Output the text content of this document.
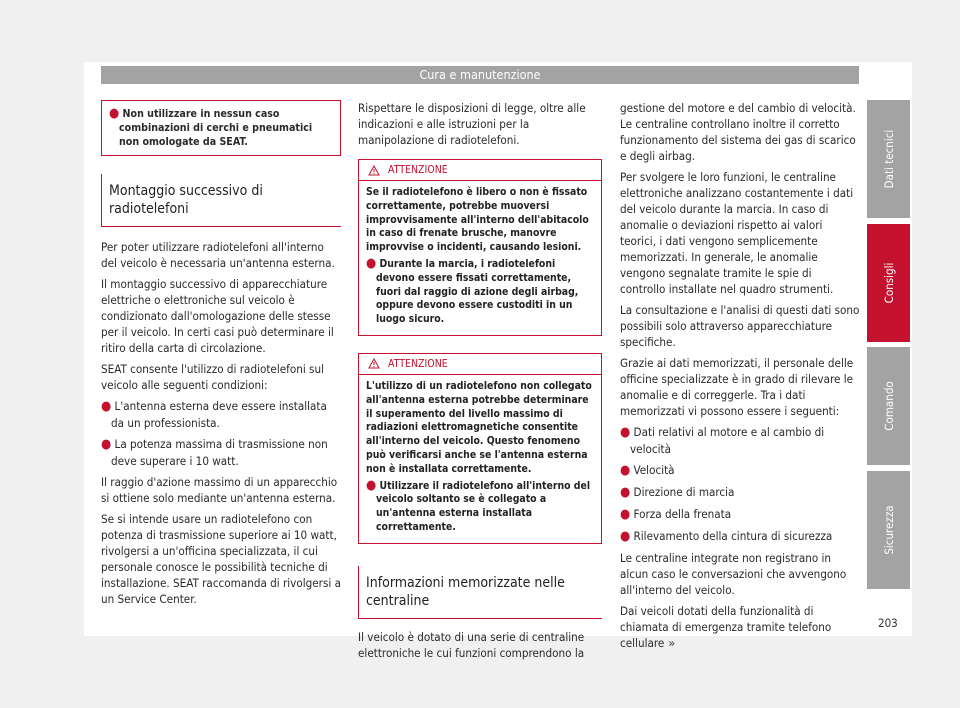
Cura e manutenzione

● Non utilizzare in nessun caso combinazioni di cerchi e pneumatici non omologate da SEAT.

Montaggio successivo di radiotelefoni

Per poter utilizzare radiotelefoni all'interno del veicolo è necessaria un'antenna esterna.

Il montaggio successivo di apparecchiature elettriche o elettroniche sul veicolo è condizionato dall'omologazione delle stesse per il veicolo. In certi casi può determinare il ritiro della carta di circolazione.

SEAT consente l'utilizzo di radiotelefoni sul veicolo alle seguenti condizioni:

● L'antenna esterna deve essere installata da un professionista.

● La potenza massima di trasmissione non deve superare i 10 watt.

Il raggio d'azione massimo di un apparecchio si ottiene solo mediante un'antenna esterna.

Se si intende usare un radiotelefono con potenza di trasmissione superiore ai 10 watt, rivolgersi a un'officina specializzata, il cui personale conosce le possibilità tecniche di installazione. SEAT raccomanda di rivolgersi a un Service Center.

Rispettare le disposizioni di legge, oltre alle indicazioni e alle istruzioni per la manipolazione di radiotelefoni.

ATTENZIONE

Se il radiotelefono è libero o non è fissato correttamente, potrebbe muoversi improvvisamente all'interno dell'abitacolo in caso di frenate brusche, manovre improvvise o incidenti, causando lesioni.

● Durante la marcia, i radiotelefoni devono essere fissati correttamente, fuori dal raggio di azione degli airbag, oppure devono essere custoditi in un luogo sicuro.

ATTENZIONE

L'utilizzo di un radiotelefono non collegato all'antenna esterna potrebbe determinare il superamento del livello massimo di radiazioni elettromagnetiche consentite all'interno del veicolo. Questo fenomeno può verificarsi anche se l'antenna esterna non è installata correttamente.

● Utilizzare il radiotelefono all'interno del veicolo soltanto se è collegato a un'antenna esterna installata correttamente.

Informazioni memorizzate nelle centraline

Il veicolo è dotato di una serie di centraline elettroniche le cui funzioni comprendono la

gestione del motore e del cambio di velocità. Le centraline controllano inoltre il corretto funzionamento del sistema dei gas di scarico e degli airbag.

Per svolgere le loro funzioni, le centraline elettroniche analizzano costantemente i dati del veicolo durante la marcia. In caso di anomalie o deviazioni rispetto ai valori teorici, i dati vengono semplicemente memorizzati. In generale, le anomalie vengono segnalate tramite le spie di controllo installate nel quadro strumenti.

La consultazione e l'analisi di questi dati sono possibili solo attraverso apparecchiature specifiche.

Grazie ai dati memorizzati, il personale delle officine specializzate è in grado di rilevare le anomalie e di correggerle. Tra i dati memorizzati vi possono essere i seguenti:

● Dati relativi al motore e al cambio di velocità

● Velocità

● Direzione di marcia

● Forza della frenata

● Rilevamento della cintura di sicurezza

Le centraline integrate non registrano in alcun caso le conversazioni che avvengono all'interno del veicolo.

Dai veicoli dotati della funzionalità di chiamata di emergenza tramite telefono cellulare »

Dati tecnici
Consigli
Comando
Sicurezza
203
